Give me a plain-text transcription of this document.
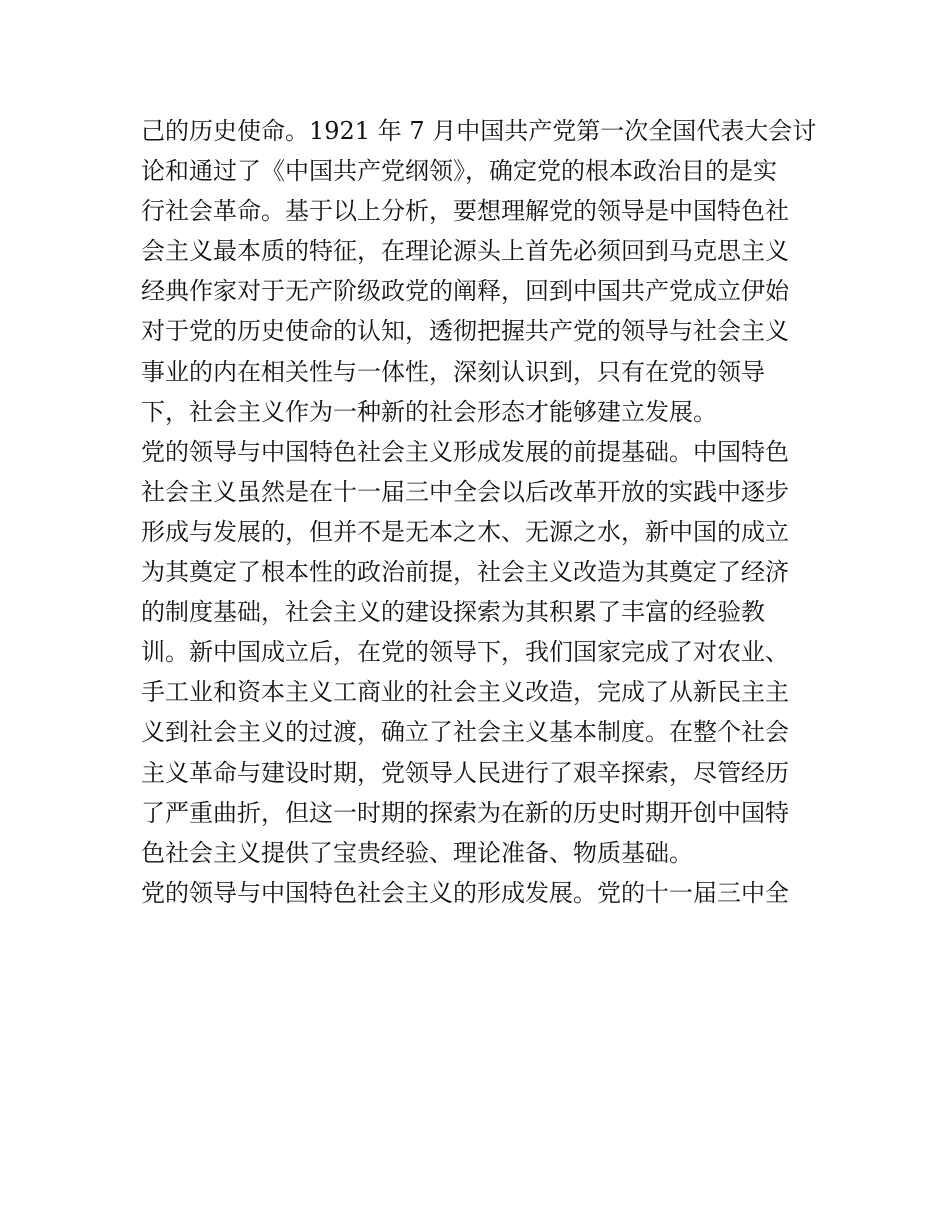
己的历史使命。1921 年 7 月中国共产党第一次全国代表大会讨

论和通过了《中国共产党纲领》，确定党的根本政治目的是实

行社会革命。基于以上分析，要想理解党的领导是中国特色社

会主义最本质的特征，在理论源头上首先必须回到马克思主义

经典作家对于无产阶级政党的阐释，回到中国共产党成立伊始

对于党的历史使命的认知，透彻把握共产党的领导与社会主义

事业的内在相关性与一体性，深刻认识到，只有在党的领导

下，社会主义作为一种新的社会形态才能够建立发展。

党的领导与中国特色社会主义形成发展的前提基础。中国特色

社会主义虽然是在十一届三中全会以后改革开放的实践中逐步

形成与发展的，但并不是无本之木、无源之水，新中国的成立

为其奠定了根本性的政治前提，社会主义改造为其奠定了经济

的制度基础，社会主义的建设探索为其积累了丰富的经验教

训。新中国成立后，在党的领导下，我们国家完成了对农业、

手工业和资本主义工商业的社会主义改造，完成了从新民主主

义到社会主义的过渡，确立了社会主义基本制度。在整个社会

主义革命与建设时期，党领导人民进行了艰辛探索，尽管经历

了严重曲折，但这一时期的探索为在新的历史时期开创中国特

色社会主义提供了宝贵经验、理论准备、物质基础。

党的领导与中国特色社会主义的形成发展。党的十一届三中全
